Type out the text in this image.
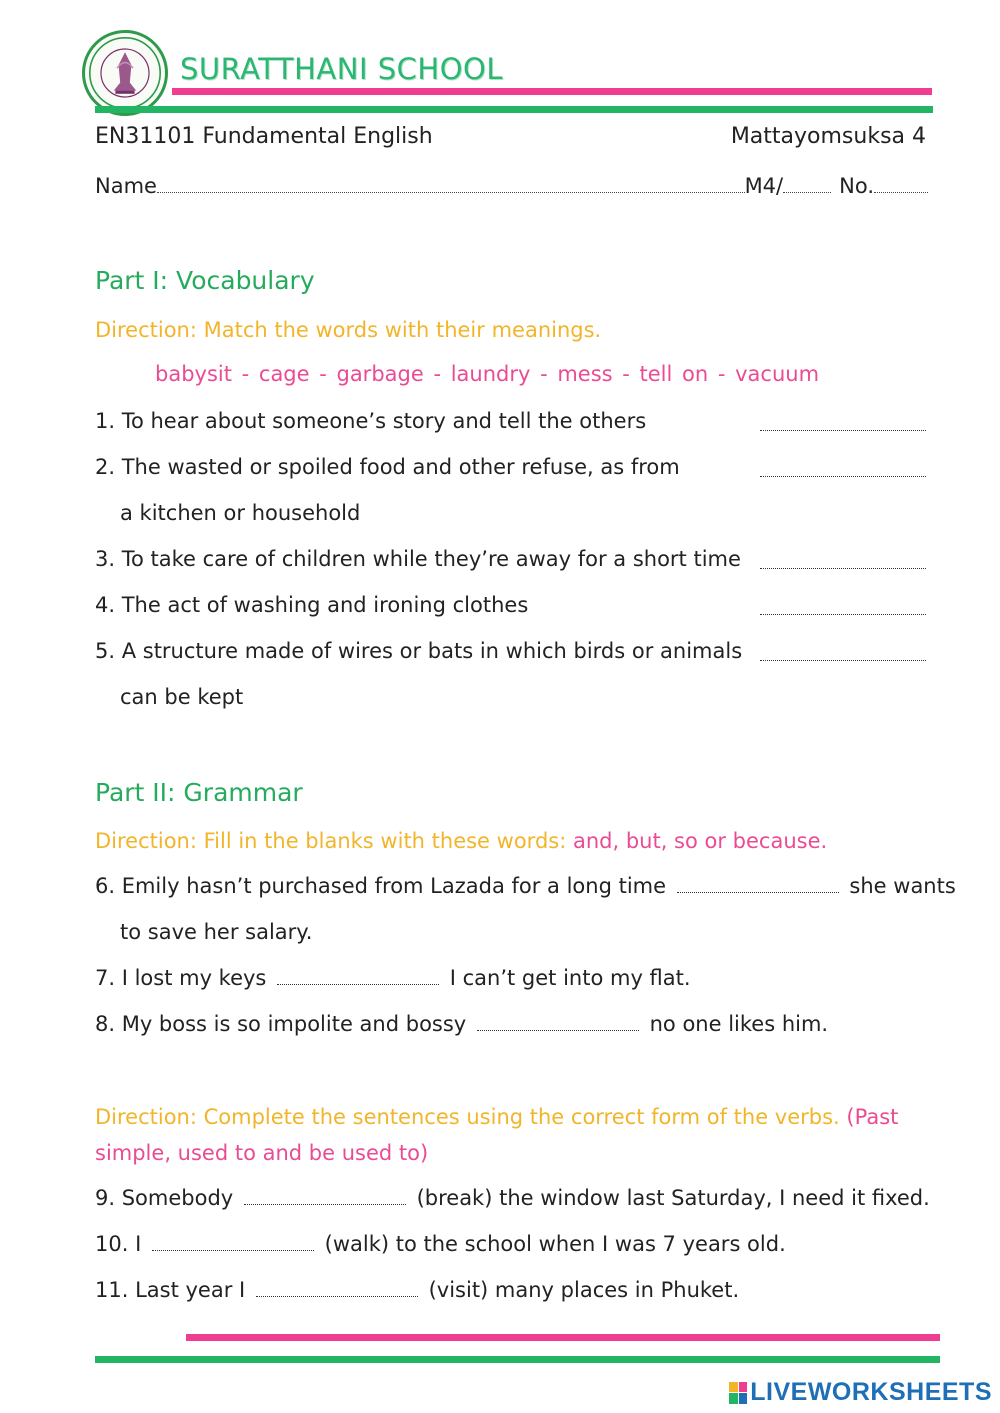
SURATTHANI SCHOOL
EN31101 Fundamental English	Mattayomsuksa 4
Name	M4/	No.
Part I: Vocabulary
Direction: Match the words with their meanings.
babysit - cage - garbage - laundry - mess - tell on - vacuum
1. To hear about someone’s story and tell the others
2. The wasted or spoiled food and other refuse, as from
a kitchen or household
3. To take care of children while they’re away for a short time
4. The act of washing and ironing clothes
5. A structure made of wires or bats in which birds or animals
can be kept
Part II: Grammar
Direction: Fill in the blanks with these words: and, but, so or because.
6. Emily hasn’t purchased from Lazada for a long time	she wants
to save her salary.
7. I lost my keys	I can’t get into my flat.
8. My boss is so impolite and bossy	no one likes him.
Direction: Complete the sentences using the correct form of the verbs. (Past
simple, used to and be used to)
9. Somebody	(break) the window last Saturday, I need it fixed.
10. I	(walk) to the school when I was 7 years old.
11. Last year I	(visit) many places in Phuket.
LIVEWORKSHEETS
